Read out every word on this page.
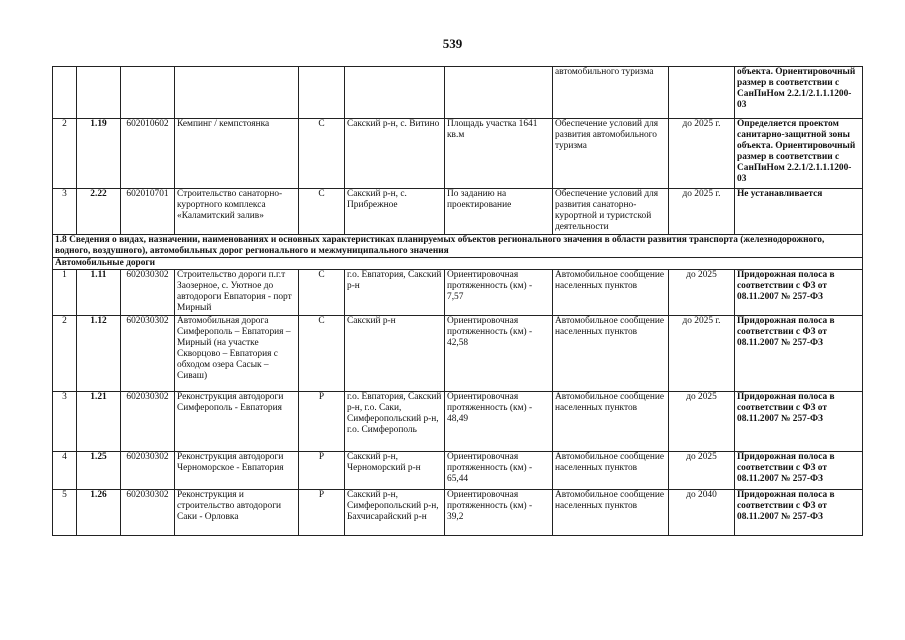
539
							автомобильного туризма		объекта. Ориентировочный размер в соответствии с СанПиНом 2.2.1/2.1.1.1200-03
2	1.19	602010602	Кемпинг / кемпстоянка	С	Сакский р-н, с. Витино	Площадь участка 1641 кв.м	Обеспечение условий для развития автомобильного туризма	до 2025 г.	Определяется проектом санитарно-защитной зоны объекта. Ориентировочный размер в соответствии с СанПиНом 2.2.1/2.1.1.1200-03
3	2.22	602010701	Строительство санаторно-курортного комплекса «Каламитский залив»	С	Сакский р-н, с. Прибрежное	По заданию на проектирование	Обеспечение условий для развития санаторно-курортной и туристской деятельности	до 2025 г.	Не устанавливается
1.8 Сведения о видах, назначении, наименованиях и основных характеристиках планируемых объектов регионального значения в области развития транспорта (железнодорожного, водного, воздушного), автомобильных дорог регионального и межмуниципального значения									
Автомобильные дороги									
1	1.11	602030302	Строительство дороги п.г.т Заозерное, с. Уютное до автодороги Евпатория - порт Мирный	С	г.о. Евпатория, Сакский р-н	Ориентировочная протяженность (км) - 7,57	Автомобильное сообщение населенных пунктов	до 2025	Придорожная полоса в соответствии с ФЗ от 08.11.2007 № 257-ФЗ
2	1.12	602030302	Автомобильная дорога Симферополь – Евпатория – Мирный (на участке Скворцово – Евпатория с обходом озера Сасык – Сиваш)	С	Сакский р-н	Ориентировочная протяженность (км) - 42,58	Автомобильное сообщение населенных пунктов	до 2025 г.	Придорожная полоса в соответствии с ФЗ от 08.11.2007 № 257-ФЗ
3	1.21	602030302	Реконструкция автодороги Симферополь - Евпатория	Р	г.о. Евпатория, Сакский р-н, г.о. Саки, Симферопольский р-н, г.о. Симферополь	Ориентировочная протяженность (км) - 48,49	Автомобильное сообщение населенных пунктов	до 2025	Придорожная полоса в соответствии с ФЗ от 08.11.2007 № 257-ФЗ
4	1.25	602030302	Реконструкция автодороги Черноморское - Евпатория	Р	Сакский р-н, Черноморский р-н	Ориентировочная протяженность (км) - 65,44	Автомобильное сообщение населенных пунктов	до 2025	Придорожная полоса в соответствии с ФЗ от 08.11.2007 № 257-ФЗ
5	1.26	602030302	Реконструкция и строительство автодороги Саки - Орловка	Р	Сакский р-н, Симферопольский р-н, Бахчисарайский р-н	Ориентировочная протяженность (км) - 39,2	Автомобильное сообщение населенных пунктов	до 2040	Придорожная полоса в соответствии с ФЗ от 08.11.2007 № 257-ФЗ
